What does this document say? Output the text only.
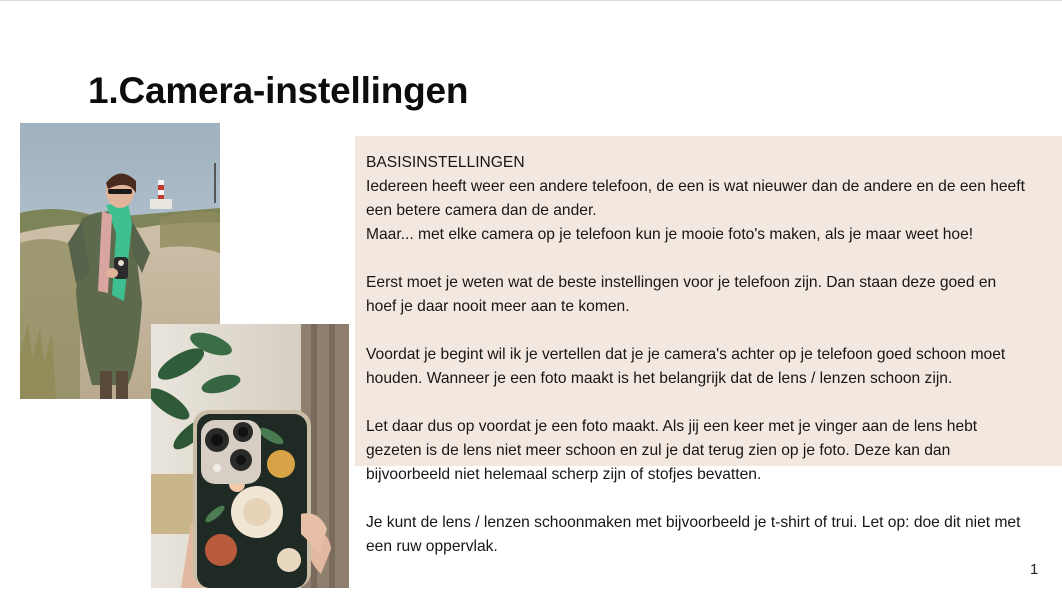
1.Camera-instellingen

BASISINSTELLINGEN

Iedereen heeft weer een andere telefoon, de een is wat nieuwer dan de andere en de een heeft een betere camera dan de ander.

Maar... met elke camera op je telefoon kun je mooie foto's maken, als je maar weet hoe!

Eerst moet je weten wat de beste instellingen voor je telefoon zijn. Dan staan deze goed en hoef je daar nooit meer aan te komen.

Voordat je begint wil ik je vertellen dat je je camera's achter op je telefoon goed schoon moet houden. Wanneer je een foto maakt is het belangrijk dat de lens / lenzen schoon zijn.

Let daar dus op voordat je een foto maakt. Als jij een keer met je vinger aan de lens hebt gezeten is de lens niet meer schoon en zul je dat terug zien op je foto. Deze kan dan bijvoorbeeld niet helemaal scherp zijn of stofjes bevatten.

Je kunt de lens / lenzen schoonmaken met bijvoorbeeld je t-shirt of trui. Let op: doe dit niet met een ruw oppervlak.

1
